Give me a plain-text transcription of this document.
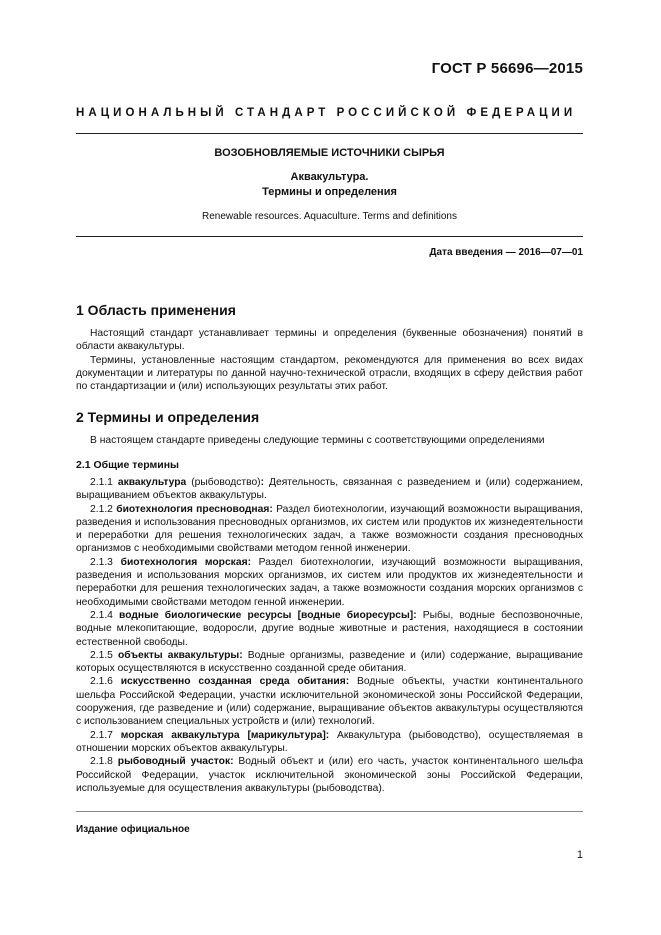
ГОСТ Р 56696—2015
НАЦИОНАЛЬНЫЙ СТАНДАРТ РОССИЙСКОЙ ФЕДЕРАЦИИ
ВОЗОБНОВЛЯЕМЫЕ ИСТОЧНИКИ СЫРЬЯ
Аквакультура.
Термины и определения
Renewable resources. Aquaculture. Terms and definitions
Дата введения — 2016—07—01
1 Область применения

Настоящий стандарт устанавливает термины и определения (буквенные обозначения) понятий в области аквакультуры.

Термины, установленные настоящим стандартом, рекомендуются для применения во всех видах документации и литературы по данной научно-технической отрасли, входящих в сферу действия работ по стандартизации и (или) использующих результаты этих работ.

2 Термины и определения
В настоящем стандарте приведены следующие термины с соответствующими определениями
2.1 Общие термины

2.1.1 аквакультура (рыбоводство): Деятельность, связанная с разведением и (или) содержанием, выращиванием объектов аквакультуры.

2.1.2 биотехнология пресноводная: Раздел биотехнологии, изучающий возможности выращивания, разведения и использования пресноводных организмов, их систем или продуктов их жизнедеятельности и переработки для решения технологических задач, а также возможности создания пресноводных организмов с необходимыми свойствами методом генной инженерии.

2.1.3 биотехнология морская: Раздел биотехнологии, изучающий возможности выращивания, разведения и использования морских организмов, их систем или продуктов их жизнедеятельности и переработки для решения технологических задач, а также возможности создания морских организмов с необходимыми свойствами методом генной инженерии.

2.1.4 водные биологические ресурсы [водные биоресурсы]: Рыбы, водные беспозвоночные, водные млекопитающие, водоросли, другие водные животные и растения, находящиеся в состоянии естественной свободы.

2.1.5 объекты аквакультуры: Водные организмы, разведение и (или) содержание, выращивание которых осуществляются в искусственно созданной среде обитания.

2.1.6 искусственно созданная среда обитания: Водные объекты, участки континентального шельфа Российской Федерации, участки исключительной экономической зоны Российской Федерации, сооружения, где разведение и (или) содержание, выращивание объектов аквакультуры осуществляются с использованием специальных устройств и (или) технологий.

2.1.7 морская аквакультура [марикультура]: Аквакультура (рыбоводство), осуществляемая в отношении морских объектов аквакультуры.

2.1.8 рыбоводный участок: Водный объект и (или) его часть, участок континентального шельфа Российской Федерации, участок исключительной экономической зоны Российской Федерации, используемые для осуществления аквакультуры (рыбоводства).

Издание официальное
1
